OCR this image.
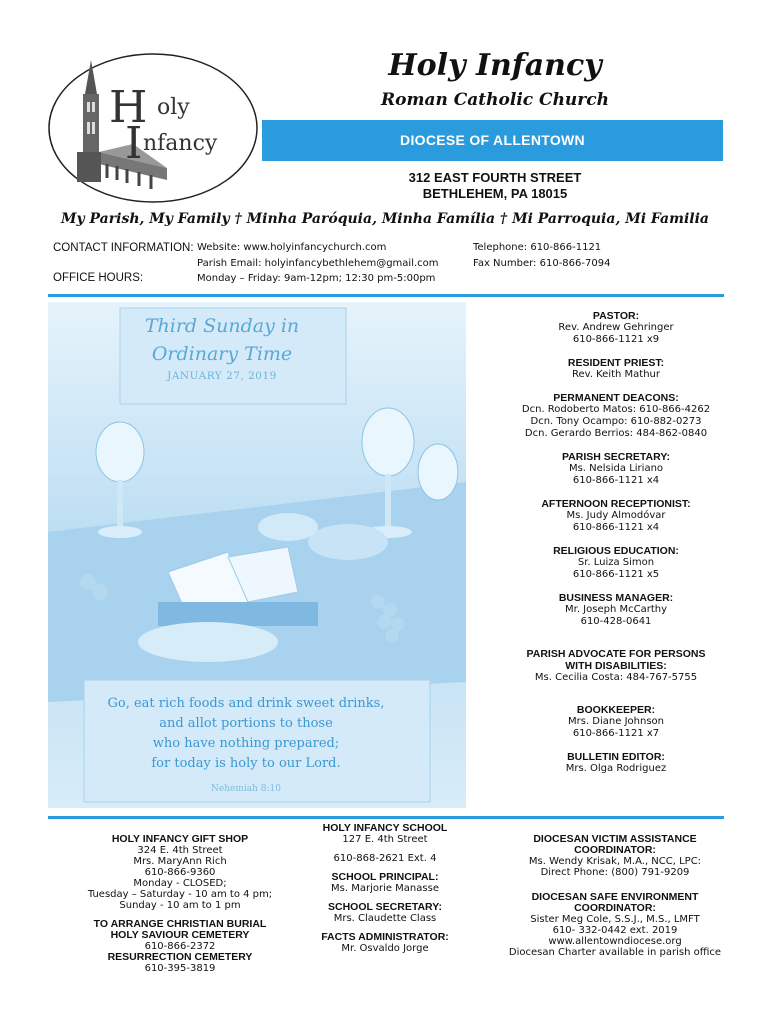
H oly
I nfancy
Holy Infancy
Roman Catholic Church
DIOCESE OF ALLENTOWN
312 EAST FOURTH STREET
BETHLEHEM, PA 18015
My Parish, My Family † Minha Paróquia, Minha Família † Mi Parroquia, Mi Familia
CONTACT INFORMATION:
OFFICE HOURS:
Website: www.holyinfancychurch.com
Parish Email: holyinfancybethlehem@gmail.com
Monday – Friday: 9am-12pm; 12:30 pm-5:00pm
Telephone: 610-866-1121
Fax Number: 610-866-7094
Third Sunday in
Ordinary Time
JANUARY 27, 2019
Go, eat rich foods and drink sweet drinks,
and allot portions to those
who have nothing prepared;
for today is holy to our Lord.
Nehemiah 8:10
PASTOR:
Rev. Andrew Gehringer
610-866-1121 x9
RESIDENT PRIEST:
Rev. Keith Mathur
PERMANENT DEACONS:
Dcn. Rodoberto Matos: 610-866-4262
Dcn. Tony Ocampo: 610-882-0273
Dcn. Gerardo Berrios: 484-862-0840
PARISH SECRETARY:
Ms. Nelsida Liriano
610-866-1121 x4
AFTERNOON RECEPTIONIST:
Ms. Judy Almodóvar
610-866-1121 x4
RELIGIOUS EDUCATION:
Sr. Luiza Simon
610-866-1121 x5
BUSINESS MANAGER:
Mr. Joseph McCarthy
610-428-0641
PARISH ADVOCATE FOR PERSONS
WITH DISABILITIES:
Ms. Cecilia Costa: 484-767-5755
BOOKKEEPER:
Mrs. Diane Johnson
610-866-1121 x7
BULLETIN EDITOR:
Mrs. Olga Rodriguez
HOLY INFANCY GIFT SHOP
324 E. 4th Street
Mrs. MaryAnn Rich
610-866-9360
Monday - CLOSED;
Tuesday – Saturday - 10 am to 4 pm;
Sunday - 10 am to 1 pm
TO ARRANGE CHRISTIAN BURIAL
HOLY SAVIOUR CEMETERY
610-866-2372
RESURRECTION CEMETERY
610-395-3819
HOLY INFANCY SCHOOL
127 E. 4th Street
610-868-2621 Ext. 4
SCHOOL PRINCIPAL:
Ms. Marjorie Manasse
SCHOOL SECRETARY:
Mrs. Claudette Class
FACTS ADMINISTRATOR:
Mr. Osvaldo Jorge
DIOCESAN VICTIM ASSISTANCE
COORDINATOR:
Ms. Wendy Krisak, M.A., NCC, LPC:
Direct Phone: (800) 791-9209
DIOCESAN SAFE ENVIRONMENT
COORDINATOR:
Sister Meg Cole, S.S.J., M.S., LMFT
610- 332-0442 ext. 2019
www.allentowndiocese.org
Diocesan Charter available in parish office
